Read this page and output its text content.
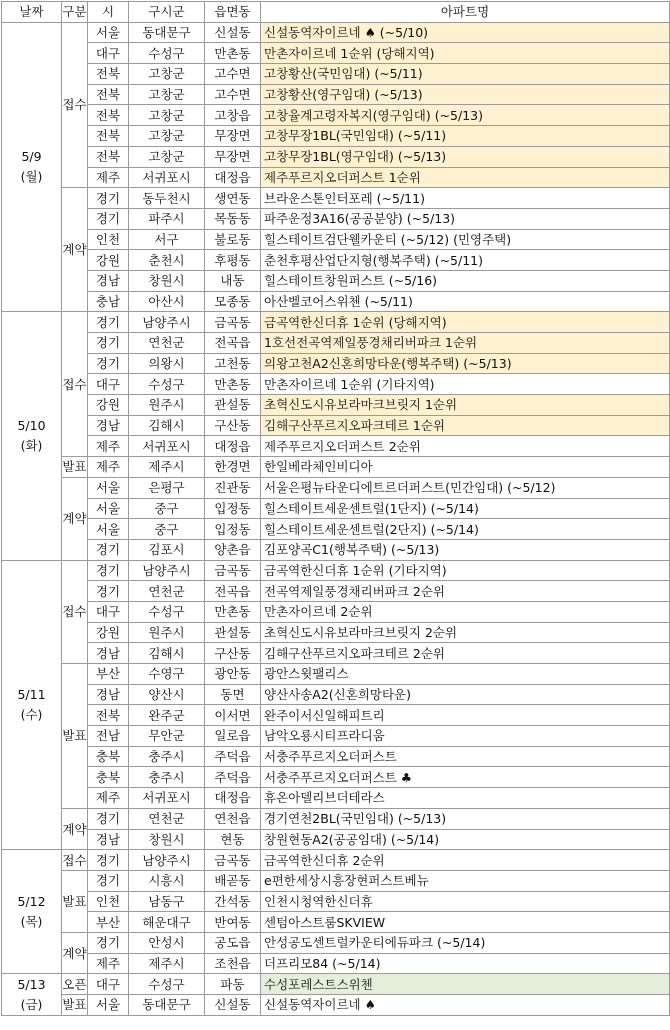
날짜	구분	시	구시군	읍면동	아파트명
5/9
(월)	접수	서울	동대문구	신설동	신설동역자이르네 ♠ (~5/10)
		대구	수성구	만촌동	만촌자이르네 1순위 (당해지역)
		전북	고창군	고수면	고창황산(국민임대) (~5/11)
		전북	고창군	고수면	고창황산(영구임대) (~5/13)
		전북	고창군	고창읍	고창율계고령자복지(영구임대) (~5/13)
		전북	고창군	무장면	고창무장1BL(국민임대) (~5/11)
		전북	고창군	무장면	고창무장1BL(영구임대) (~5/13)
		제주	서귀포시	대정읍	제주푸르지오더퍼스트 1순위
	계약	경기	동두천시	생연동	브라운스톤인터포레 (~5/11)
		경기	파주시	목동동	파주운정3A16(공공분양) (~5/13)
		인천	서구	불로동	힐스테이트검단웰카운티 (~5/12) (민영주택)
		강원	춘천시	후평동	춘천후평산업단지형(행복주택) (~5/11)
		경남	창원시	내동	힐스테이트창원퍼스트 (~5/16)
		충남	아산시	모종동	아산벨코어스위첸 (~5/11)
5/10
(화)	접수	경기	남양주시	금곡동	금곡역한신더휴 1순위 (당해지역)
		경기	연천군	전곡읍	1호선전곡역제일풍경채리버파크 1순위
		경기	의왕시	고천동	의왕고천A2신혼희망타운(행복주택) (~5/13)
		대구	수성구	만촌동	만촌자이르네 1순위 (기타지역)
		강원	원주시	관설동	초혁신도시유보라마크브릿지 1순위
		경남	김해시	구산동	김해구산푸르지오파크테르 1순위
		제주	서귀포시	대정읍	제주푸르지오더퍼스트 2순위
	발표	제주	제주시	한경면	한일베라체인비디아
	계약	서울	은평구	진관동	서울은평뉴타운디에트르더퍼스트(민간임대) (~5/12)
		서울	중구	입정동	힐스테이트세운센트럴(1단지) (~5/14)
		서울	중구	입정동	힐스테이트세운센트럴(2단지) (~5/14)
		경기	김포시	양촌읍	김포양곡C1(행복주택) (~5/13)
5/11
(수)	접수	경기	남양주시	금곡동	금곡역한신더휴 1순위 (기타지역)
		경기	연천군	전곡읍	전곡역제일풍경채리버파크 2순위
		대구	수성구	만촌동	만촌자이르네 2순위
		강원	원주시	관설동	초혁신도시유보라마크브릿지 2순위
		경남	김해시	구산동	김해구산푸르지오파크테르 2순위
	발표	부산	수영구	광안동	광안스윗팰리스
		경남	양산시	동면	양산사송A2(신혼희망타운)
		전북	완주군	이서면	완주이서신일해피트리
		전남	무안군	일로읍	남악오룡시티프라디움
		충북	충주시	주덕읍	서충주푸르지오더퍼스트
		충북	충주시	주덕읍	서충주푸르지오더퍼스트 ♣
		제주	서귀포시	대정읍	휴온아델리브더테라스
	계약	경기	연천군	연천읍	경기연천2BL(국민임대) (~5/13)
		경남	창원시	현동	창원현동A2(공공임대) (~5/14)
5/12
(목)	접수	경기	남양주시	금곡동	금곡역한신더휴 2순위
	발표	경기	시흥시	배곧동	e편한세상시흥장현퍼스트베뉴
		인천	남동구	간석동	인천시청역한신더휴
		부산	해운대구	반여동	센텀아스트룸SKVIEW
	계약	경기	안성시	공도읍	안성공도센트럴카운티에듀파크 (~5/14)
		제주	제주시	조천읍	더프리모84 (~5/14)
5/13
(금)	오픈	대구	수성구	파동	수성포레스트스위첸
	발표	서울	동대문구	신설동	신설동역자이르네 ♠
